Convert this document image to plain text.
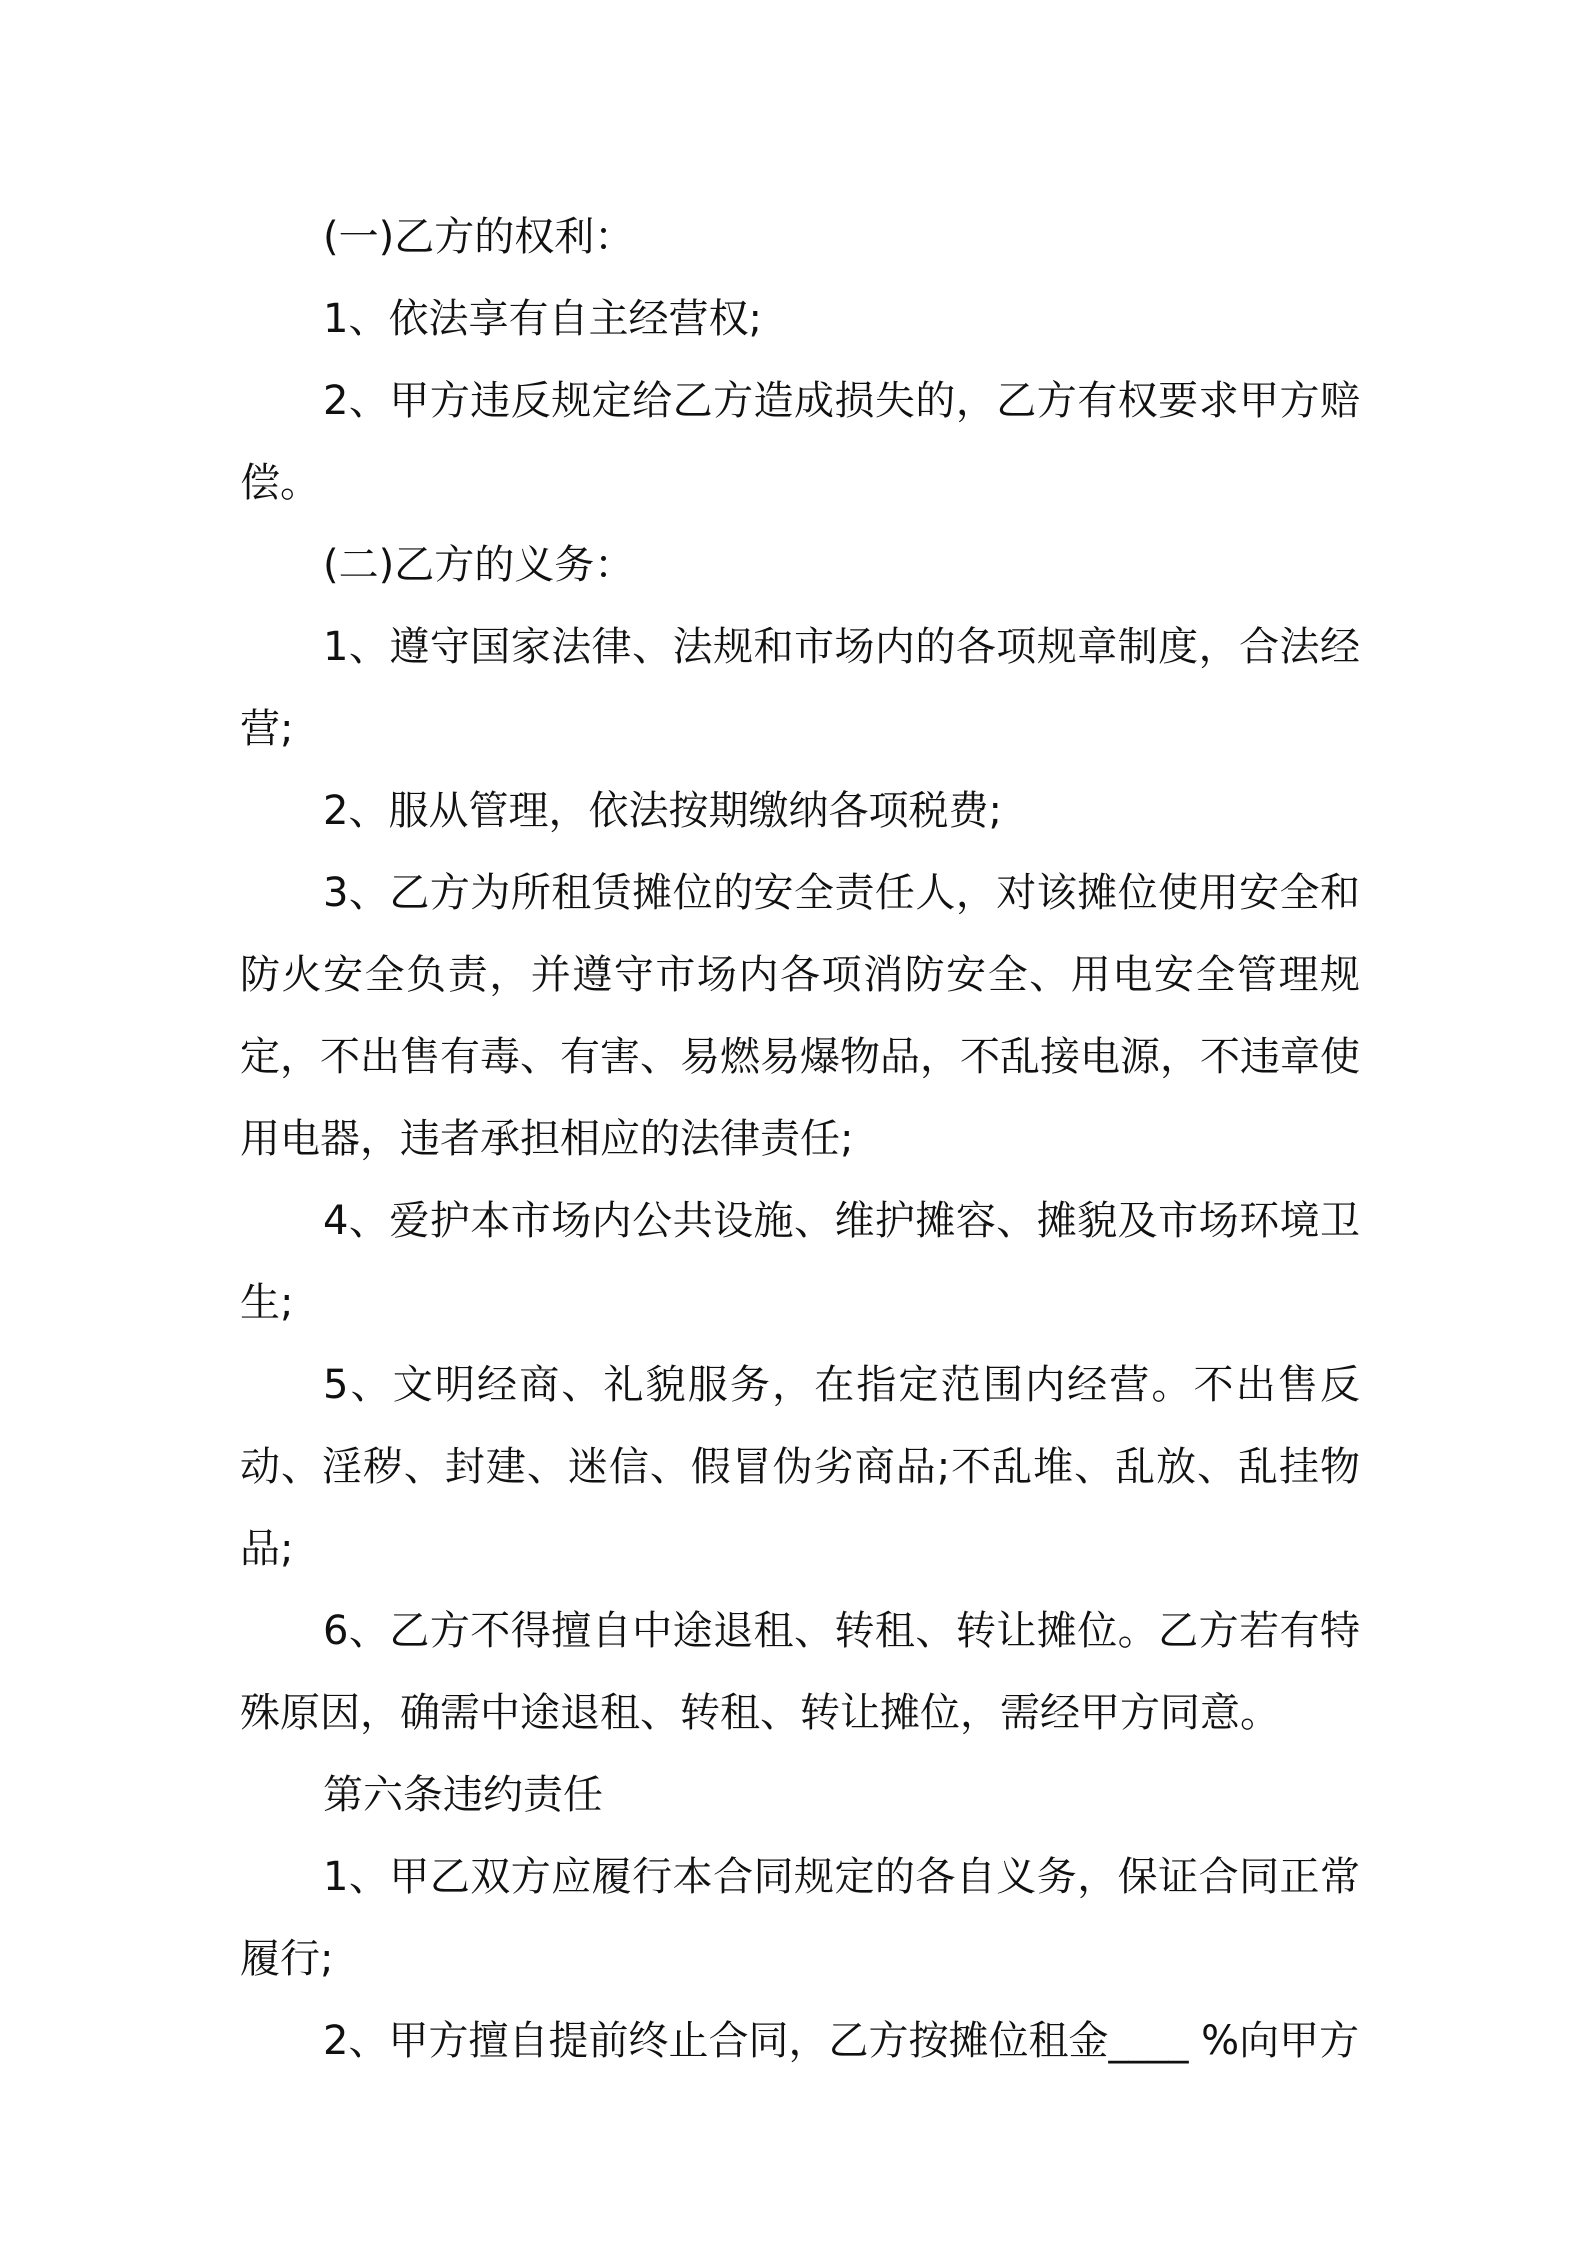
(一)乙方的权利：

1、依法享有自主经营权;

2、甲方违反规定给乙方造成损失的，乙方有权要求甲方赔偿。

(二)乙方的义务：

1、遵守国家法律、法规和市场内的各项规章制度，合法经营;

2、服从管理，依法按期缴纳各项税费;

3、乙方为所租赁摊位的安全责任人，对该摊位使用安全和防火安全负责，并遵守市场内各项消防安全、用电安全管理规定，不出售有毒、有害、易燃易爆物品，不乱接电源，不违章使用电器，违者承担相应的法律责任;

4、爱护本市场内公共设施、维护摊容、摊貌及市场环境卫生;

5、文明经商、礼貌服务，在指定范围内经营。不出售反动、淫秽、封建、迷信、假冒伪劣商品;不乱堆、乱放、乱挂物品;

6、乙方不得擅自中途退租、转租、转让摊位。乙方若有特殊原因，确需中途退租、转租、转让摊位，需经甲方同意。

第六条违约责任

1、甲乙双方应履行本合同规定的各自义务，保证合同正常履行;

2、甲方擅自提前终止合同，乙方按摊位租金____ %向甲方
